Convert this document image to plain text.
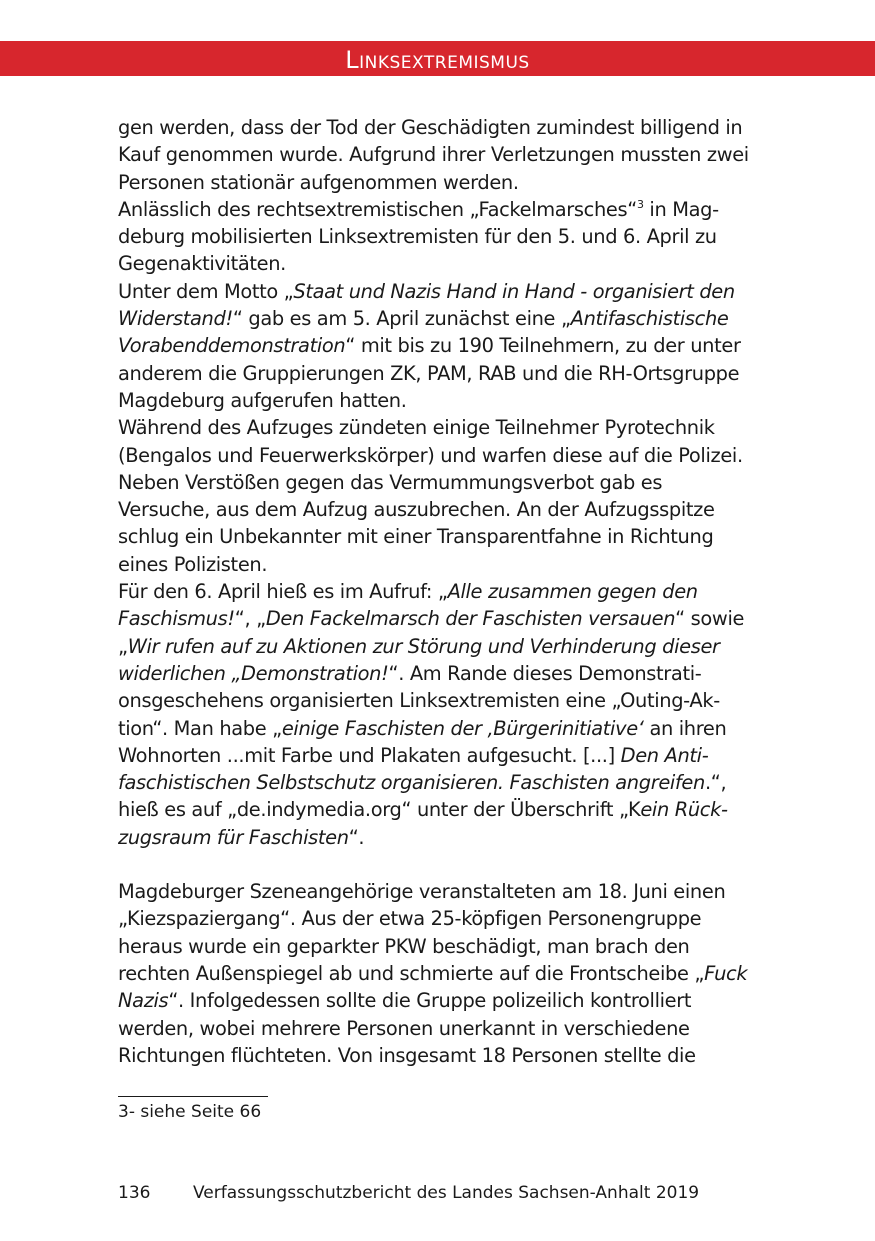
Linksextremismus

gen werden, dass der Tod der Geschädigten zumindest billigend in Kauf genommen wurde. Aufgrund ihrer Verletzungen mussten zwei Personen stationär aufgenommen werden.

Anlässlich des rechtsextremistischen „Fackelmarsches“$^3$ in Magdeburg mobilisierten Linksextremisten für den 5. und 6. April zu Gegenaktivitäten.

Unter dem Motto „Staat und Nazis Hand in Hand - organisiert den Widerstand!“ gab es am 5. April zunächst eine „Antifaschistische Vorabenddemonstration“ mit bis zu 190 Teilnehmern, zu der unter anderem die Gruppierungen ZK, PAM, RAB und die RH-Ortsgruppe Magdeburg aufgerufen hatten.

Während des Aufzuges zündeten einige Teilnehmer Pyrotechnik (Bengalos und Feuerwerkskörper) und warfen diese auf die Polizei. Neben Verstößen gegen das Vermummungsverbot gab es Versuche, aus dem Aufzug auszubrechen. An der Aufzugsspitze schlug ein Unbekannter mit einer Transparentfahne in Richtung eines Polizisten.

Für den 6. April hieß es im Aufruf: „Alle zusammen gegen den Faschismus!“, „Den Fackelmarsch der Faschisten versauen“ sowie „Wir rufen auf zu Aktionen zur Störung und Verhinderung dieser widerlichen „Demonstration!“. Am Rande dieses Demonstrationsgeschehens organisierten Linksextremisten eine „Outing-Aktion“. Man habe „einige Faschisten der ‚Bürgerinitiative‘ an ihren Wohnorten ...mit Farbe und Plakaten aufgesucht. [...] Den Antifaschistischen Selbstschutz organisieren. Faschisten angreifen.“, hieß es auf „de.indymedia.org“ unter der Überschrift „Kein Rückzugsraum für Faschisten“.

Magdeburger Szeneangehörige veranstalteten am 18. Juni einen „Kiezspaziergang“. Aus der etwa 25-köpfigen Personengruppe heraus wurde ein geparkter PKW beschädigt, man brach den rechten Außenspiegel ab und schmierte auf die Frontscheibe „Fuck Nazis“. Infolgedessen sollte die Gruppe polizeilich kontrolliert werden, wobei mehrere Personen unerkannt in verschiedene Richtungen flüchteten. Von insgesamt 18 Personen stellte die

3- siehe Seite 66
136	Verfassungsschutzbericht des Landes Sachsen-Anhalt 2019
